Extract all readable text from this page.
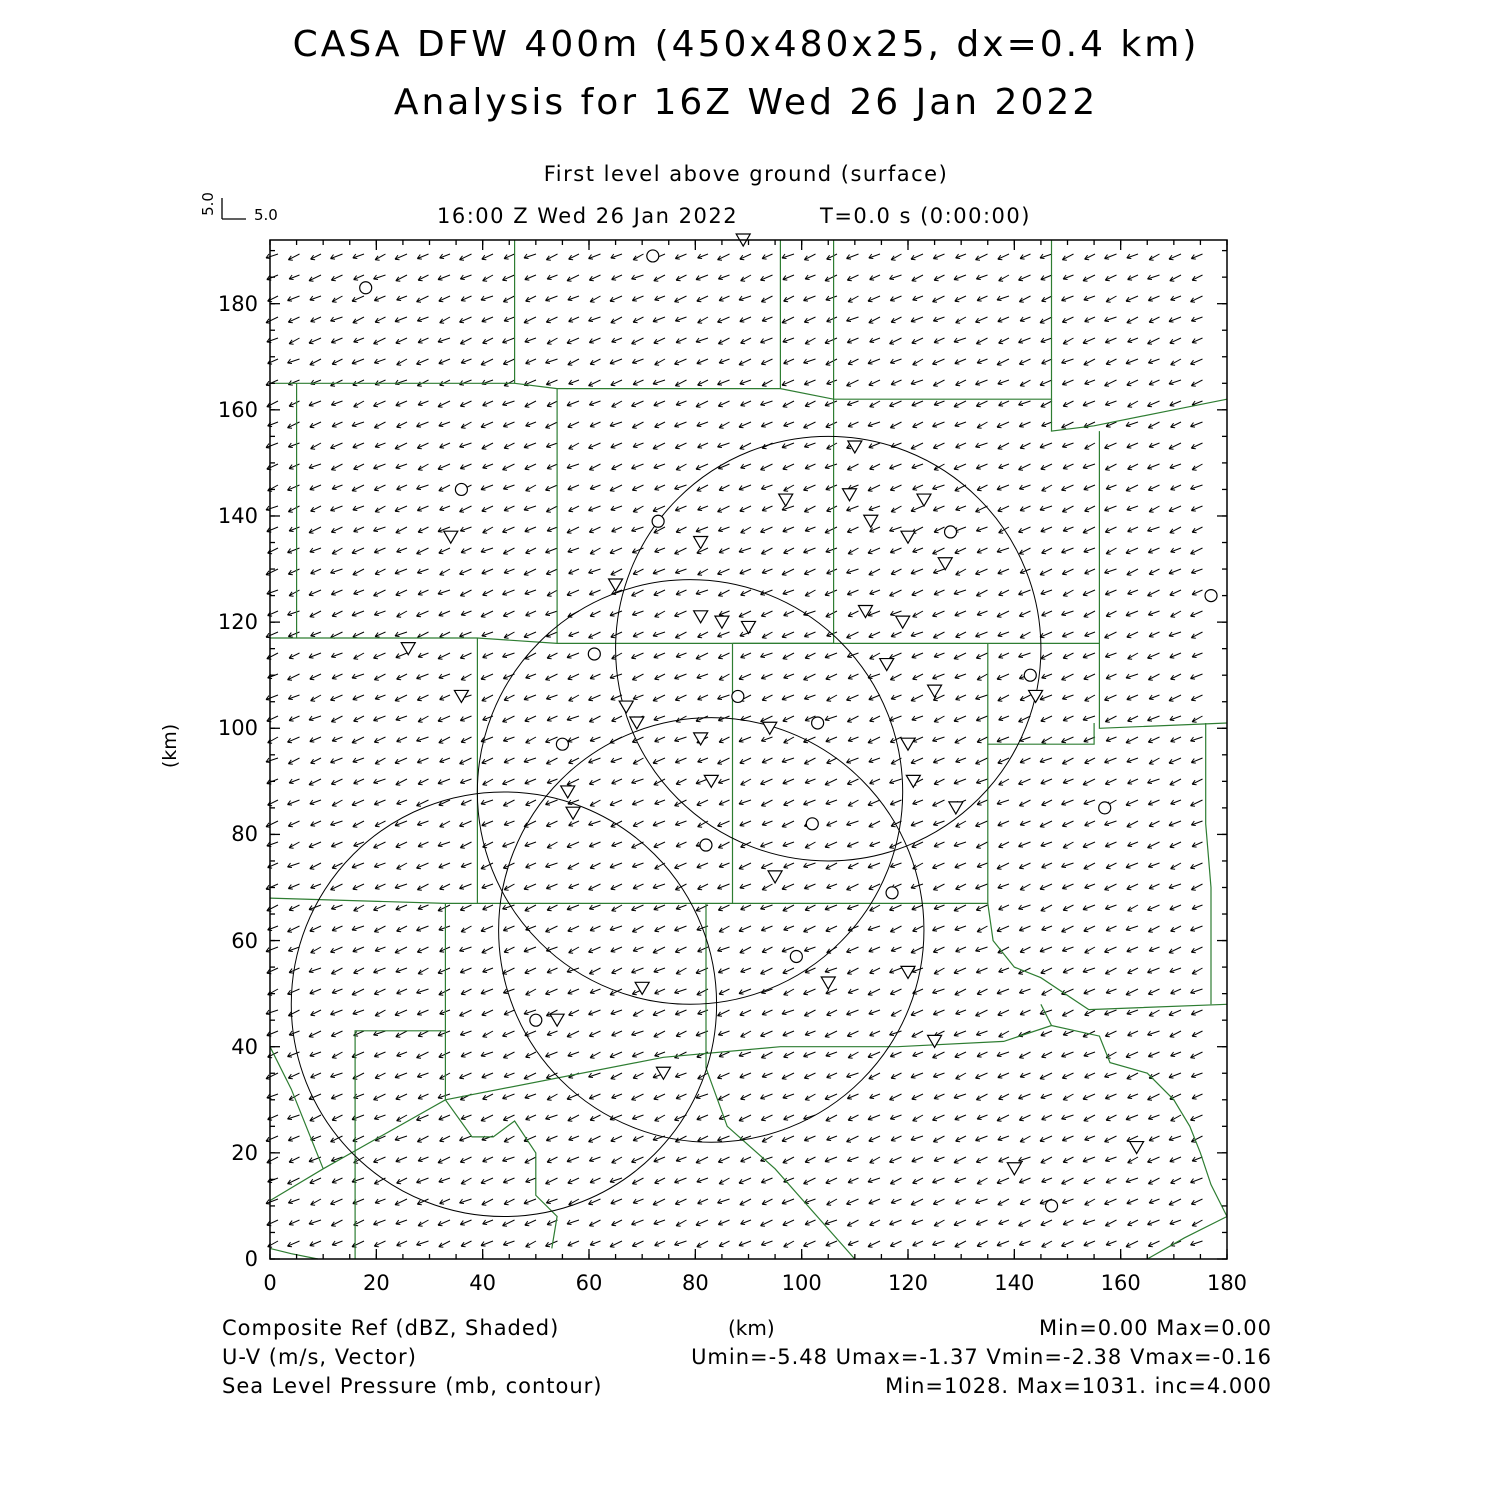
CASA DFW 400m (450x480x25, dx=0.4 km)
Analysis for 16Z Wed 26 Jan 2022
First level above ground (surface)
16:00 Z Wed 26 Jan 2022	T=0.0 s (0:00:00)
5.0 5.0
(km)
(km)
0	20	40	60	80	100	120	140	160	180
0
20
40
60
80
100
120
140
160
180
Composite Ref (dBZ, Shaded)	Min=0.00 Max=0.00
U-V (m/s, Vector)	Umin=-5.48 Umax=-1.37 Vmin=-2.38 Vmax=-0.16
Sea Level Pressure (mb, contour)	Min=1028. Max=1031. inc=4.000
